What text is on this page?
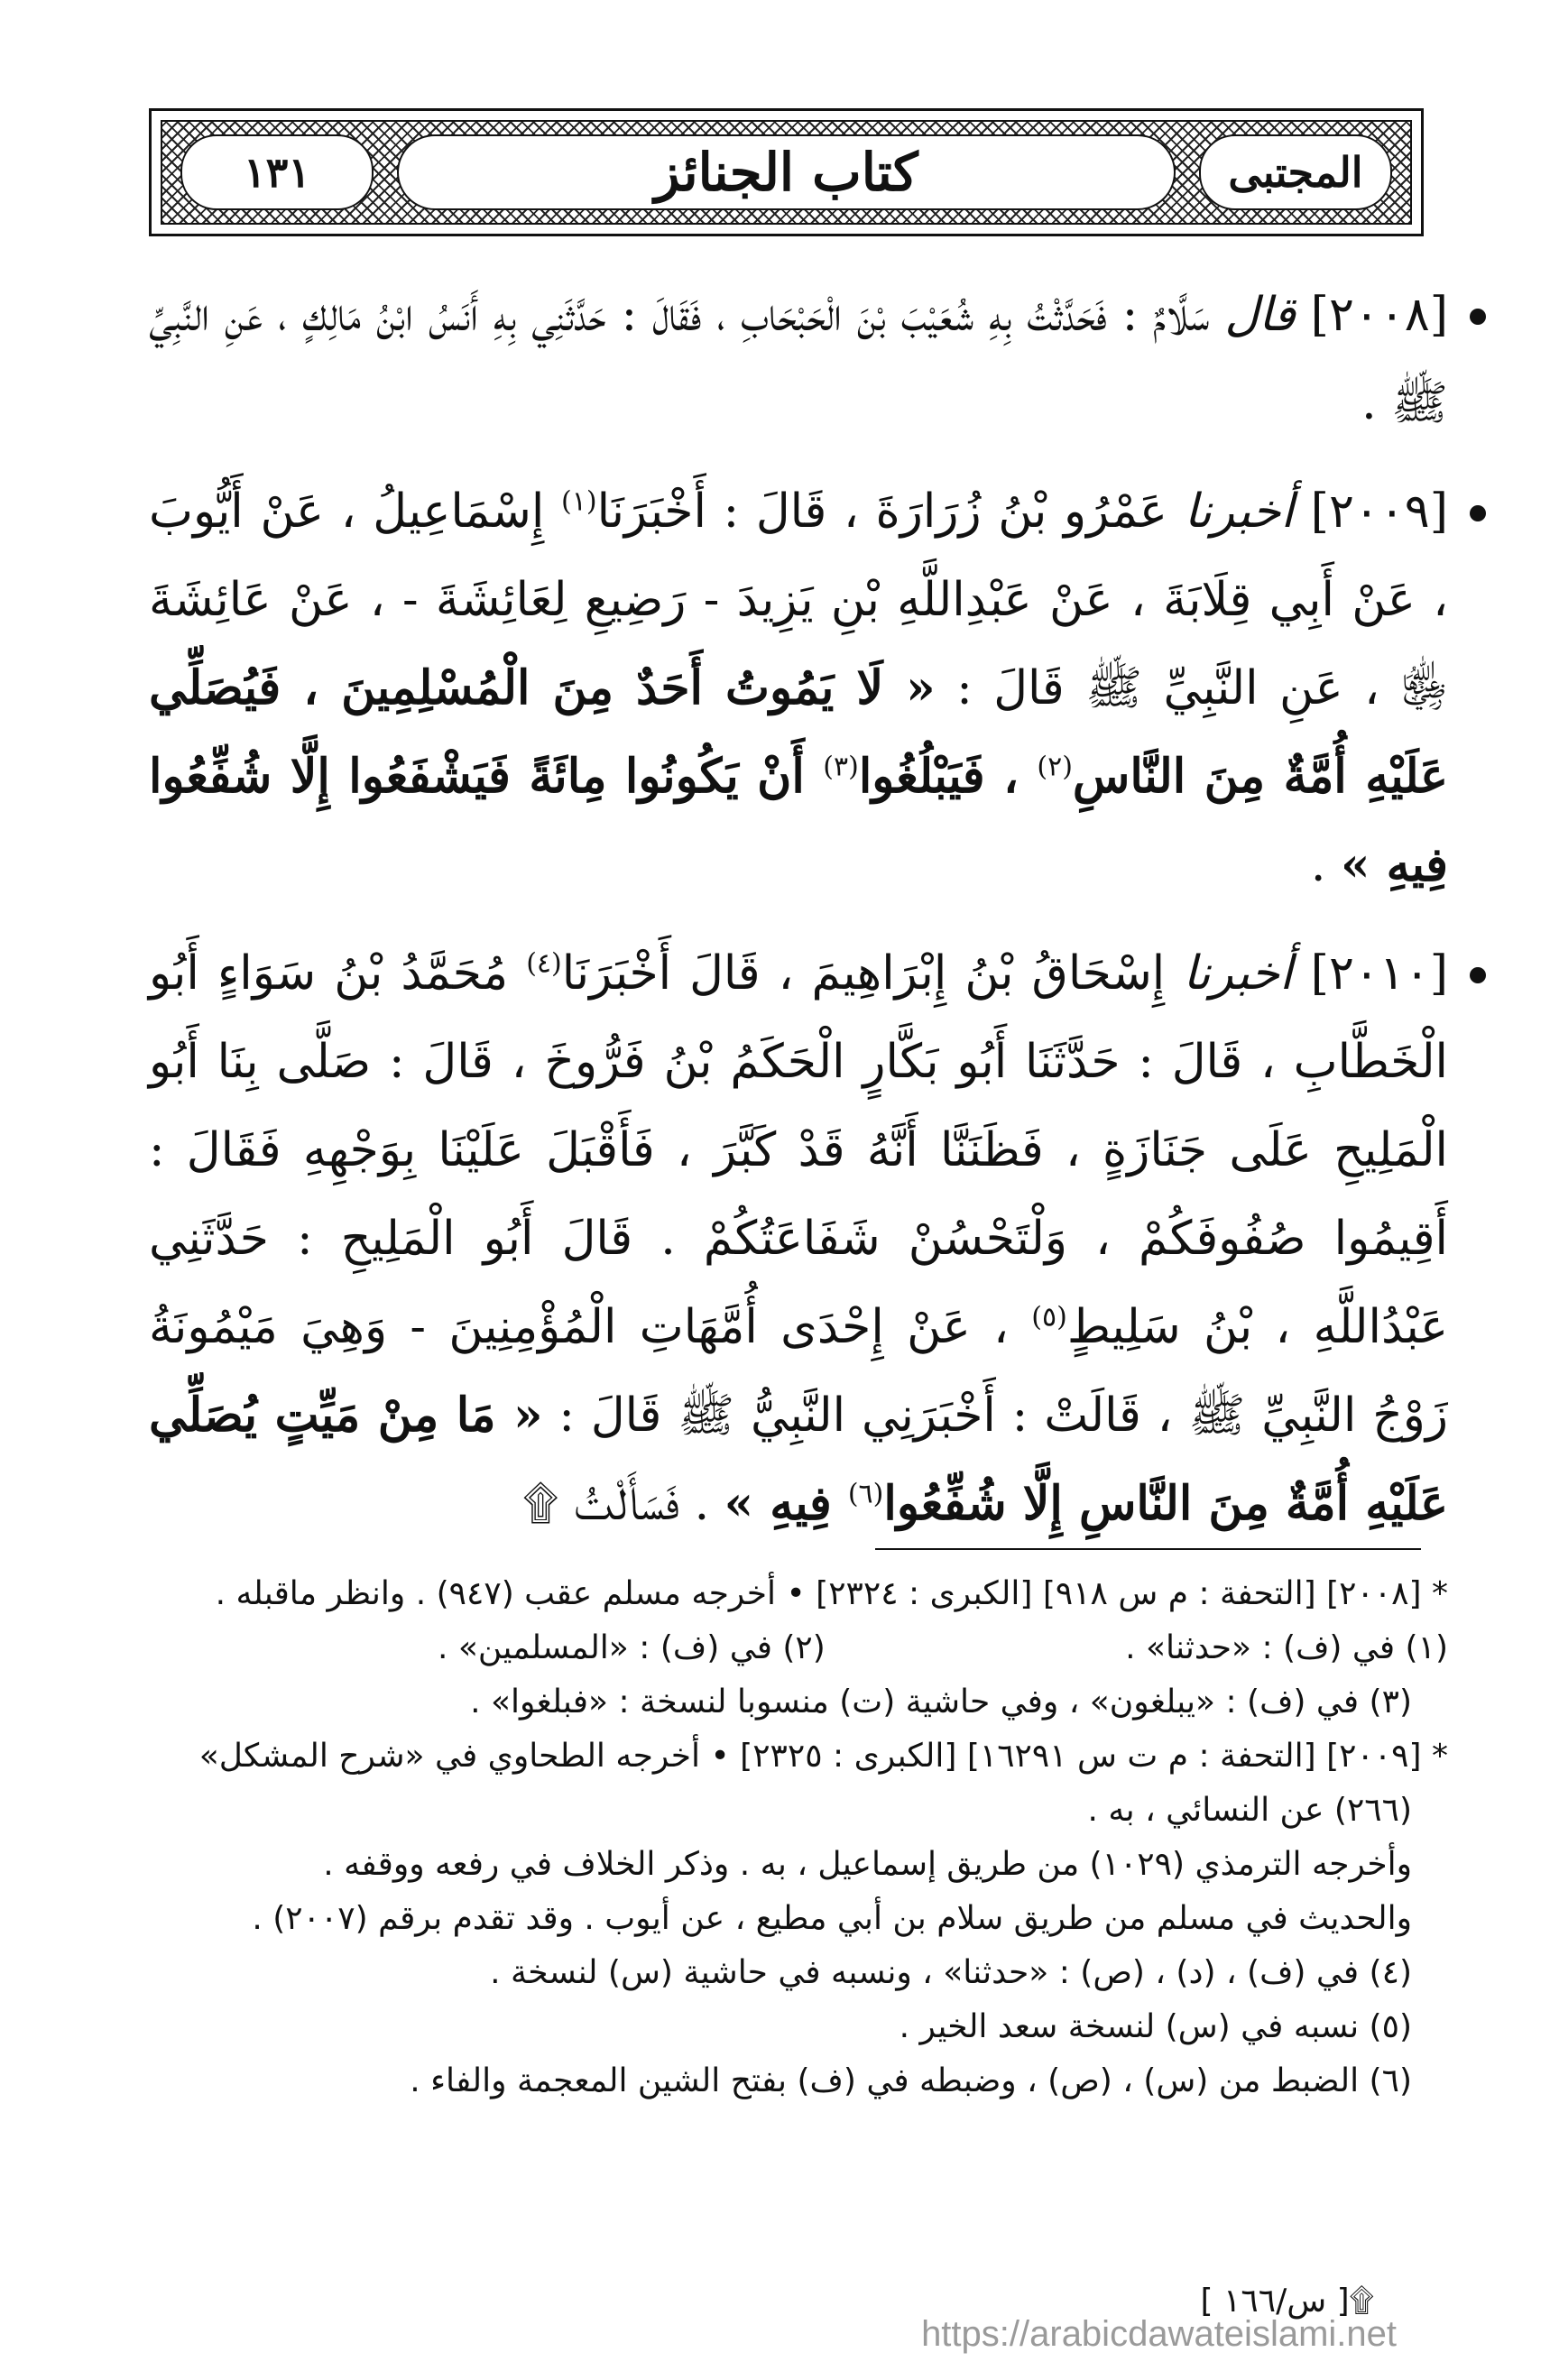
١٣١	كتاب الجنائز	المجتبى
[٢٠٠٨] قال سَلَّامٌ : فَحَدَّثْتُ بِهِ شُعَيْبَ بْنَ الْحَبْحَابِ ، فَقَالَ : حَدَّثَنِي بِهِ أَنَسُ ابْنُ مَالِكٍ ، عَنِ النَّبِيِّ ﷺ .
[٢٠٠٩] أخبرنا عَمْرُو بْنُ زُرَارَةَ ، قَالَ : أَخْبَرَنَا$^{(١)}$ إِسْمَاعِيلُ ، عَنْ أَيُّوبَ ، عَنْ أَبِي قِلَابَةَ ، عَنْ عَبْدِاللَّهِ بْنِ يَزِيدَ - رَضِيعِ لِعَائِشَةَ - ، عَنْ عَائِشَةَ ﵂ ، عَنِ النَّبِيِّ ﷺ قَالَ : « لَا يَمُوتُ أَحَدٌ مِنَ الْمُسْلِمِينَ ، فَيُصَلِّي عَلَيْهِ أُمَّةٌ مِنَ النَّاسِ$^{(٢)}$ ، فَيَبْلُغُوا$^{(٣)}$ أَنْ يَكُونُوا مِائَةً فَيَشْفَعُوا إِلَّا شُفِّعُوا فِيهِ » .
[٢٠١٠] أخبرنا إِسْحَاقُ بْنُ إِبْرَاهِيمَ ، قَالَ أَخْبَرَنَا$^{(٤)}$ مُحَمَّدُ بْنُ سَوَاءٍ أَبُو الْخَطَّابِ ، قَالَ : حَدَّثَنَا أَبُو بَكَّارٍ الْحَكَمُ بْنُ فَرُّوخَ ، قَالَ : صَلَّى بِنَا أَبُو الْمَلِيحِ عَلَى جَنَازَةٍ ، فَظَنَنَّا أَنَّهُ قَدْ كَبَّرَ ، فَأَقْبَلَ عَلَيْنَا بِوَجْهِهِ فَقَالَ : أَقِيمُوا صُفُوفَكُمْ ، وَلْتَحْسُنْ شَفَاعَتُكُمْ . قَالَ أَبُو الْمَلِيحِ : حَدَّثَنِي عَبْدُاللَّهِ ، بْنُ سَلِيطٍ$^{(٥)}$ ، عَنْ إِحْدَى أُمَّهَاتِ الْمُؤْمِنِينَ - وَهِيَ مَيْمُونَةُ زَوْجُ النَّبِيِّ ﷺ ، قَالَتْ : أَخْبَرَنِي النَّبِيُّ ﷺ قَالَ : « مَا مِنْ مَيِّتٍ يُصَلِّي عَلَيْهِ أُمَّةٌ مِنَ النَّاسِ إِلَّا شُفِّعُوا$^{(٦)}$ فِيهِ » . فَسَأَلْتُ ۩
* [٢٠٠٨] [التحفة : م س ٩١٨] [الكبرى : ٢٣٢٤] • أخرجه مسلم عقب (٩٤٧) . وانظر ماقبله .
(١) في (ف) : «حدثنا» .
(٢) في (ف) : «المسلمين» .
(٣) في (ف) : «يبلغون» ، وفي حاشية (ت) منسوبا لنسخة : «فبلغوا» .
* [٢٠٠٩] [التحفة : م ت س ١٦٢٩١] [الكبرى : ٢٣٢٥] • أخرجه الطحاوي في «شرح المشكل»
(٢٦٦) عن النسائي ، به .
وأخرجه الترمذي (١٠٢٩) من طريق إسماعيل ، به . وذكر الخلاف في رفعه ووقفه .
والحديث في مسلم من طريق سلام بن أبي مطيع ، عن أيوب . وقد تقدم برقم (٢٠٠٧) .
(٤) في (ف) ، (د) ، (ص) : «حدثنا» ، ونسبه في حاشية (س) لنسخة .
(٥) نسبه في (س) لنسخة سعد الخير .
(٦) الضبط من (س) ، (ص) ، وضبطه في (ف) بفتح الشين المعجمة والفاء .
۩[ س/١٦٦ ]
https://arabicdawateislami.net
